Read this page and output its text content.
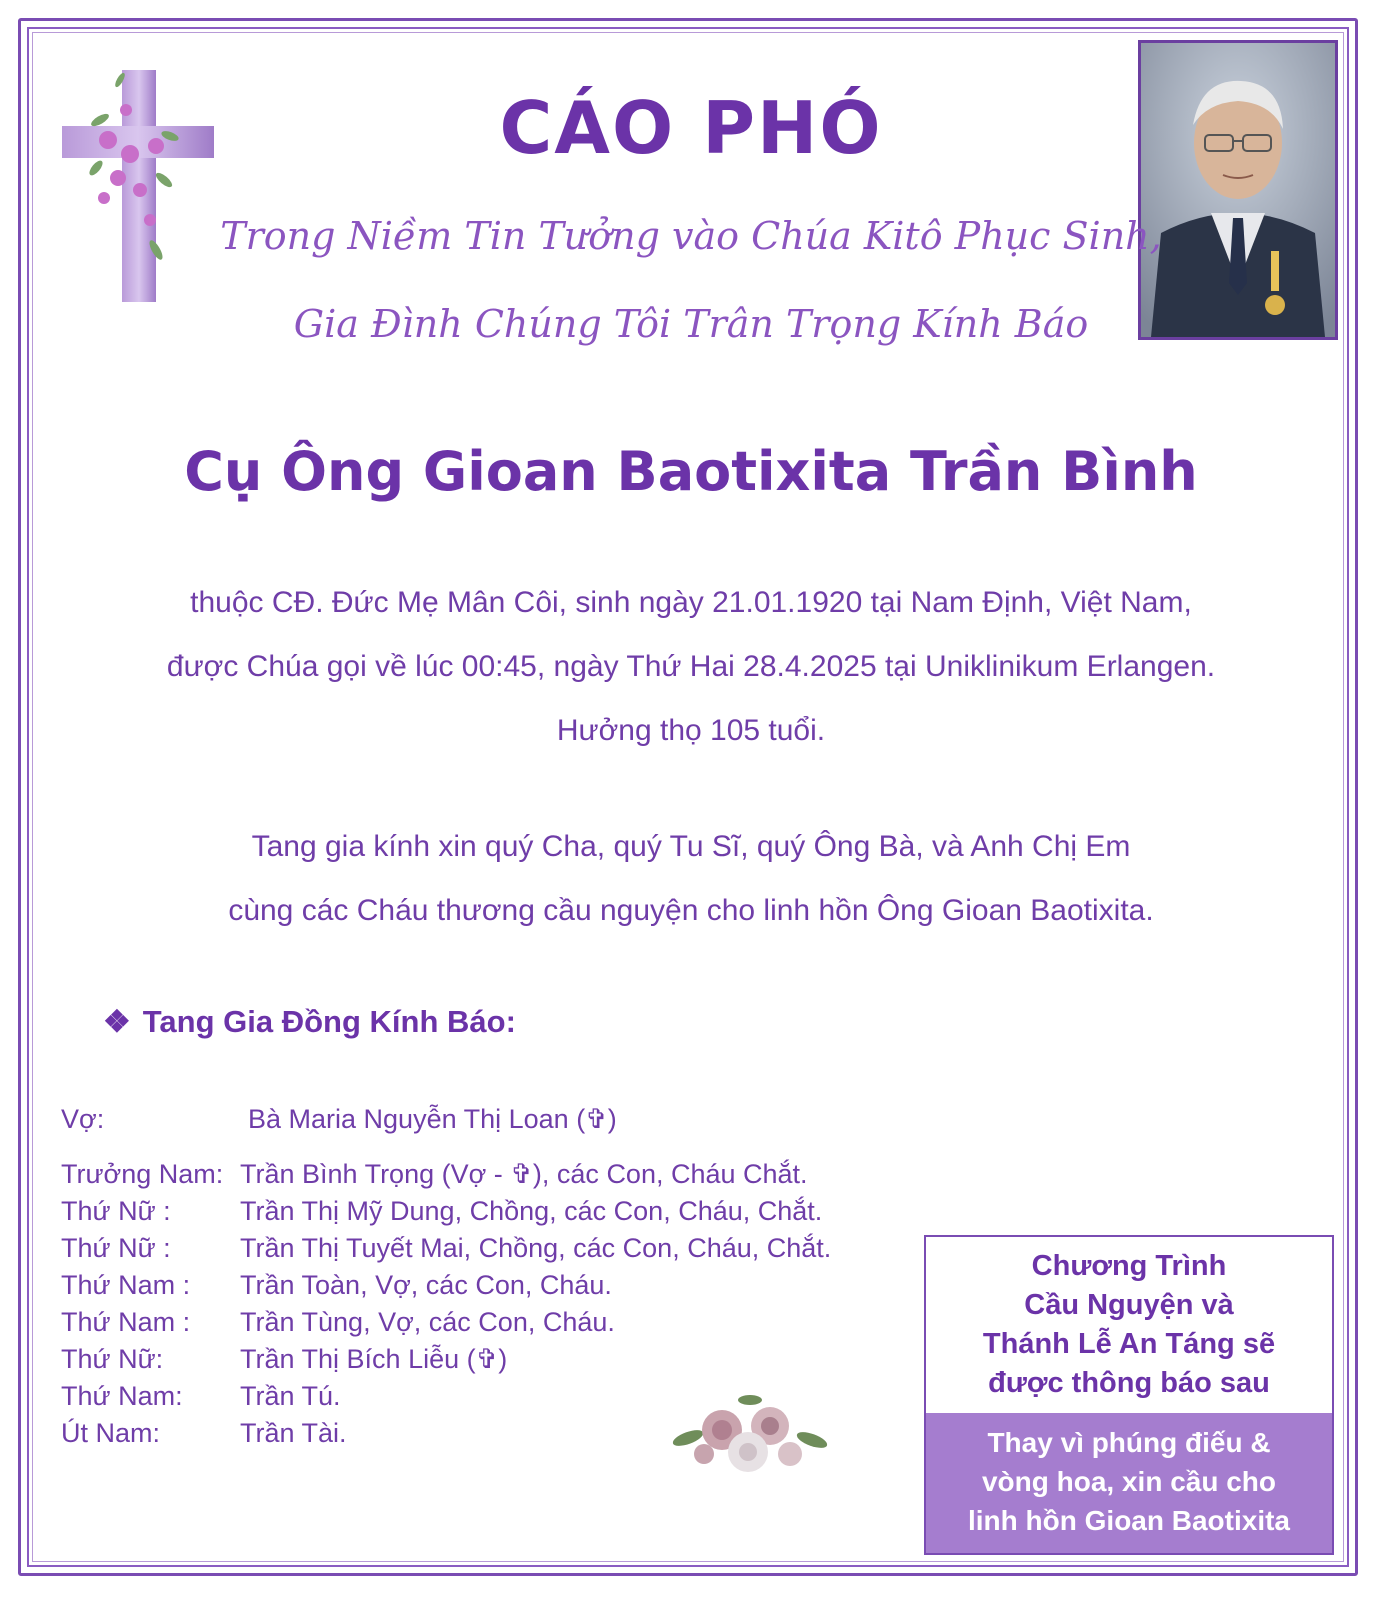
CÁO PHÓ
Trong Niềm Tin Tưởng vào Chúa Kitô Phục Sinh,
Gia Đình Chúng Tôi Trân Trọng Kính Báo
Cụ Ông Gioan Baotixita Trần Bình
thuộc CĐ. Đức Mẹ Mân Côi, sinh ngày 21.01.1920 tại Nam Định, Việt Nam,
được Chúa gọi về lúc 00:45, ngày Thứ Hai 28.4.2025 tại Uniklinikum Erlangen.
Hưởng thọ 105 tuổi.
Tang gia kính xin quý Cha, quý Tu Sĩ, quý Ông Bà, và Anh Chị Em
cùng các Cháu thương cầu nguyện cho linh hồn Ông Gioan Baotixita.
❖ Tang Gia Đồng Kính Báo:
Vợ:	Bà Maria Nguyễn Thị Loan (✞)
Trưởng Nam: Trần Bình Trọng (Vợ - ✞), các Con, Cháu Chắt.
Thứ Nữ :	Trần Thị Mỹ Dung, Chồng, các Con, Cháu, Chắt.
Thứ Nữ :	Trần Thị Tuyết Mai, Chồng, các Con, Cháu, Chắt.
Thứ Nam : Trần Toàn, Vợ, các Con, Cháu.
Thứ Nam : Trần Tùng, Vợ, các Con, Cháu.
Thứ Nữ:	Trần Thị Bích Liễu (✞)
Thứ Nam: Trần Tú.
Út Nam:	Trần Tài.
Chương Trình
Cầu Nguyện và
Thánh Lễ An Táng sẽ
được thông báo sau
Thay vì phúng điếu &
vòng hoa, xin cầu cho
linh hồn Gioan Baotixita
